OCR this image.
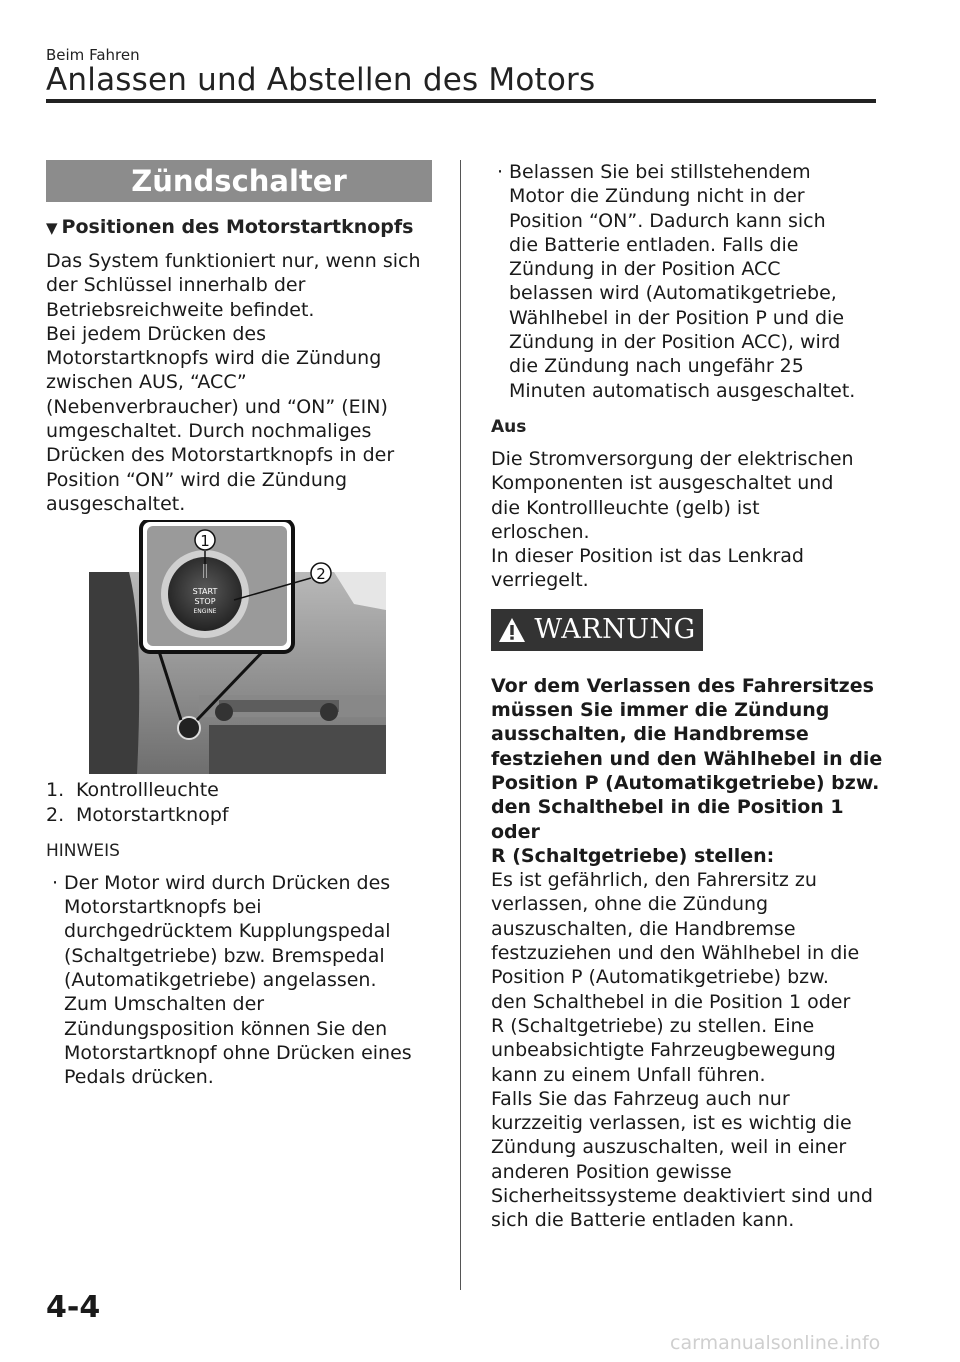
Beim Fahren
Anlassen und Abstellen des Motors
Zündschalter
▼ Positionen des Motorstartknopfs
Das System funktioniert nur, wenn sich
der Schlüssel innerhalb der
Betriebsreichweite befindet.
Bei jedem Drücken des
Motorstartknopfs wird die Zündung
zwischen AUS, “ACC”
(Nebenverbraucher) und “ON” (EIN)
umgeschaltet. Durch nochmaliges
Drücken des Motorstartknopfs in der
Position “ON” wird die Zündung
ausgeschaltet.
START
STOP
ENGINE
1
2
1. Kontrollleuchte
2. Motorstartknopf
HINWEIS
· Der Motor wird durch Drücken des
Motorstartknopfs bei
durchgedrücktem Kupplungspedal
(Schaltgetriebe) bzw. Bremspedal
(Automatikgetriebe) angelassen.
Zum Umschalten der
Zündungsposition können Sie den
Motorstartknopf ohne Drücken eines
Pedals drücken.
· Belassen Sie bei stillstehendem
Motor die Zündung nicht in der
Position “ON”. Dadurch kann sich
die Batterie entladen. Falls die
Zündung in der Position ACC
belassen wird (Automatikgetriebe,
Wählhebel in der Position P und die
Zündung in der Position ACC), wird
die Zündung nach ungefähr 25
Minuten automatisch ausgeschaltet.
Aus
Die Stromversorgung der elektrischen
Komponenten ist ausgeschaltet und
die Kontrollleuchte (gelb) ist
erloschen.
In dieser Position ist das Lenkrad
verriegelt.
WARNUNG
Vor dem Verlassen des Fahrersitzes
müssen Sie immer die Zündung
ausschalten, die Handbremse
festziehen und den Wählhebel in die
Position P (Automatikgetriebe) bzw.
den Schalthebel in die Position 1 oder
R (Schaltgetriebe) stellen:
Es ist gefährlich, den Fahrersitz zu
verlassen, ohne die Zündung
auszuschalten, die Handbremse
festzuziehen und den Wählhebel in die
Position P (Automatikgetriebe) bzw.
den Schalthebel in die Position 1 oder
R (Schaltgetriebe) zu stellen. Eine
unbeabsichtigte Fahrzeugbewegung
kann zu einem Unfall führen.
Falls Sie das Fahrzeug auch nur
kurzzeitig verlassen, ist es wichtig die
Zündung auszuschalten, weil in einer
anderen Position gewisse
Sicherheitssysteme deaktiviert sind und
sich die Batterie entladen kann.
4-4
carmanualsonline.info
